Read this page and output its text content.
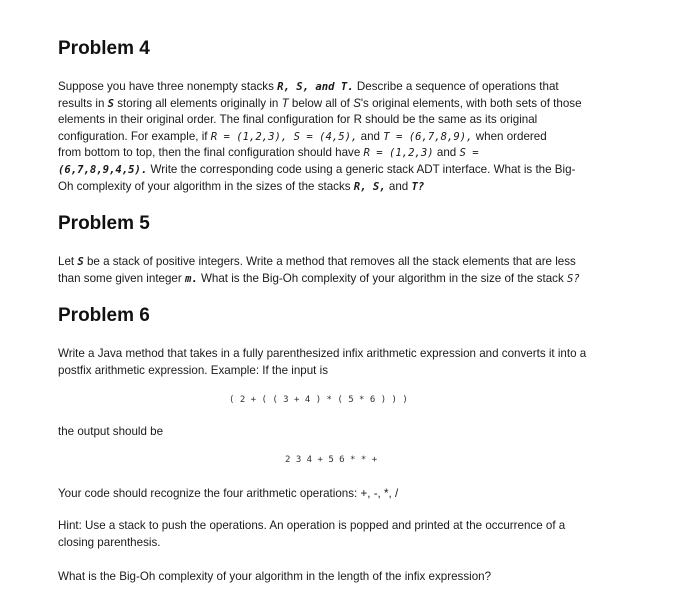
Problem 4
Suppose you have three nonempty stacks R, S, and T. Describe a sequence of operations that
results in S storing all elements originally in T below all of S's original elements, with both sets of those
elements in their original order. The final configuration for R should be the same as its original
configuration. For example, if R = (1,2,3), S = (4,5), and T = (6,7,8,9), when ordered
from bottom to top, then the final configuration should have R = (1,2,3) and S =
(6,7,8,9,4,5). Write the corresponding code using a generic stack ADT interface. What is the Big-
Oh complexity of your algorithm in the sizes of the stacks R, S, and T?
Problem 5
Let S be a stack of positive integers. Write a method that removes all the stack elements that are less
than some given integer m. What is the Big-Oh complexity of your algorithm in the size of the stack S?
Problem 6
Write a Java method that takes in a fully parenthesized infix arithmetic expression and converts it into a
postfix arithmetic expression. Example: If the input is
( 2 + ( ( 3 + 4 ) * ( 5 * 6 ) ) )
the output should be
2 3 4 + 5 6 * * +
Your code should recognize the four arithmetic operations: +, -, *, /
Hint: Use a stack to push the operations. An operation is popped and printed at the occurrence of a
closing parenthesis.
What is the Big-Oh complexity of your algorithm in the length of the infix expression?
